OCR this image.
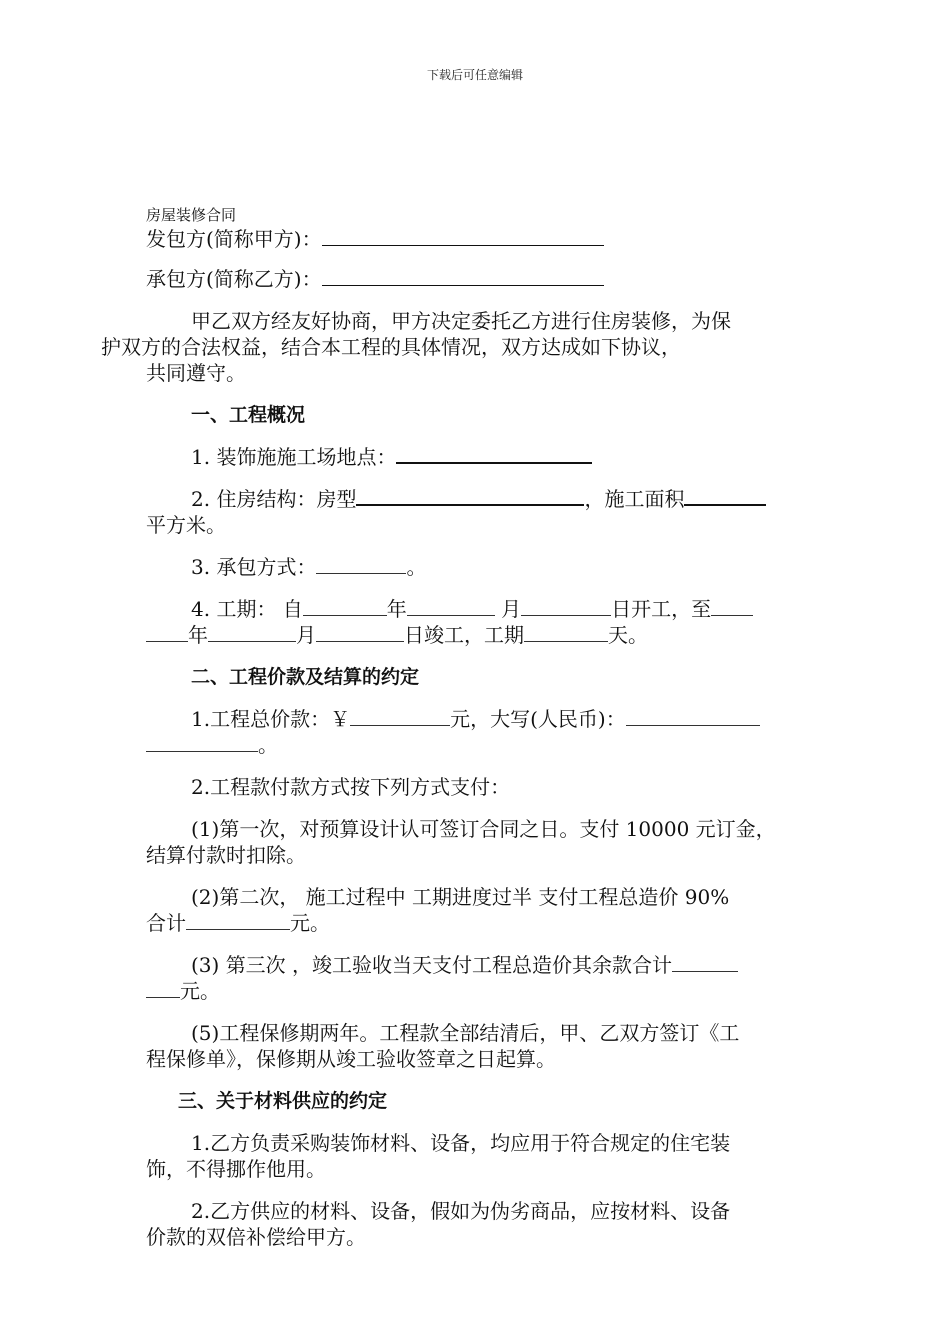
下载后可任意编辑

房屋装修合同

发包方(简称甲方)：

承包方(简称乙方)：

甲乙双方经友好协商，甲方决定委托乙方进行住房装修，为保
护双方的合法权益，结合本工程的具体情况，双方达成如下协议，
共同遵守。

一、工程概况

1. 装饰施施工场地点：

2. 住房结构：房型	，施工面积

平方米。

3. 承包方式：	。

4. 工期： 自	年	月	日开工，至

年	月	日竣工，工期	天。

二、工程价款及结算的约定

1.工程总价款：￥	元，大写(人民币)：

。

2.工程款付款方式按下列方式支付：

(1)第一次，对预算设计认可签订合同之日。支付 10000 元订金，
结算付款时扣除。

(2)第二次， 施工过程中 工期进度过半 支付工程总造价 90%
合计	元。

(3) 第三次 ，竣工验收当天支付工程总造价其余款合计
元。

(5)工程保修期两年。工程款全部结清后，甲、乙双方签订《工
程保修单》，保修期从竣工验收签章之日起算。

三、关于材料供应的约定

1.乙方负责采购装饰材料、设备，均应用于符合规定的住宅装
饰，不得挪作他用。

2.乙方供应的材料、设备，假如为伪劣商品，应按材料、设备
价款的双倍补偿给甲方。
